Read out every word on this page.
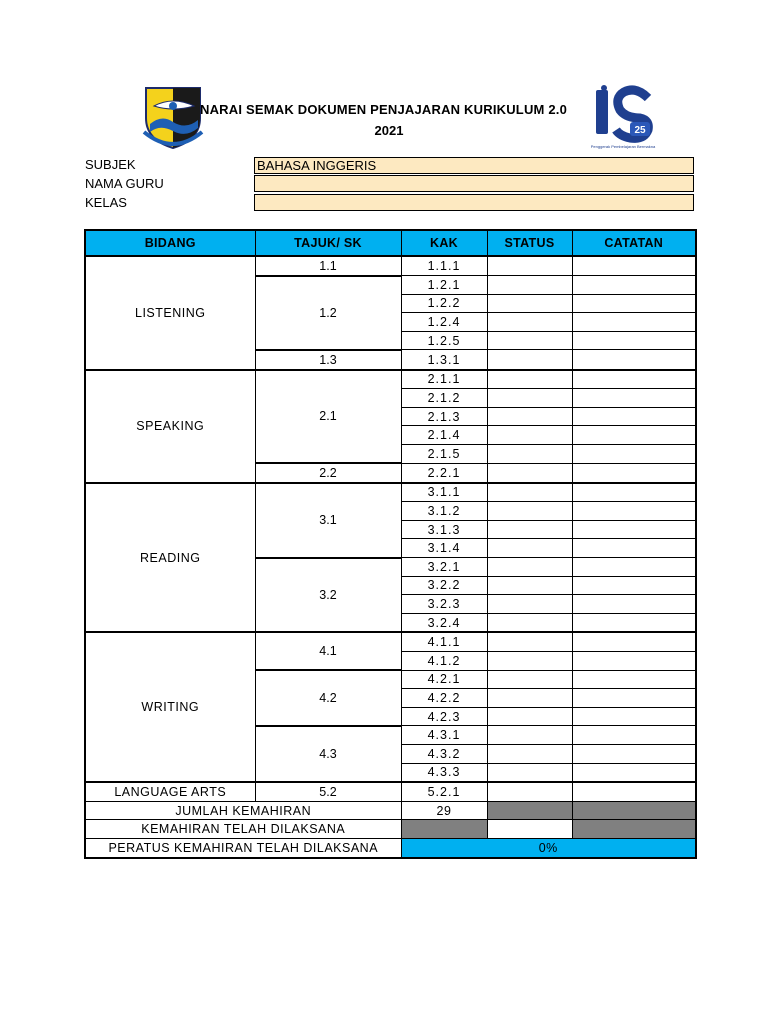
25
Penggerak Pembelajaran Bermakna
NARAI SEMAK DOKUMEN PENJAJARAN KURIKULUM 2.0
2021
SUBJEK	BAHASA INGGERIS
NAMA GURU
KELAS
BIDANG	TAJUK/ SK	KAK	STATUS	CATATAN
LISTENING	1.1	1.1.1		
	1.2	1.2.1		
		1.2.2		
		1.2.4		
		1.2.5		
	1.3	1.3.1		
SPEAKING	2.1	2.1.1		
		2.1.2		
		2.1.3		
		2.1.4		
		2.1.5		
	2.2	2.2.1		
READING	3.1	3.1.1		
		3.1.2		
		3.1.3		
		3.1.4		
	3.2	3.2.1		
		3.2.2		
		3.2.3		
		3.2.4		
WRITING	4.1	4.1.1		
		4.1.2		
	4.2	4.2.1		
		4.2.2		
		4.2.3		
	4.3	4.3.1		
		4.3.2		
		4.3.3		
LANGUAGE ARTS	5.2	5.2.1		
JUMLAH KEMAHIRAN		29		
KEMAHIRAN TELAH DILAKSANA				
PERATUS KEMAHIRAN TELAH DILAKSANA		0%		
